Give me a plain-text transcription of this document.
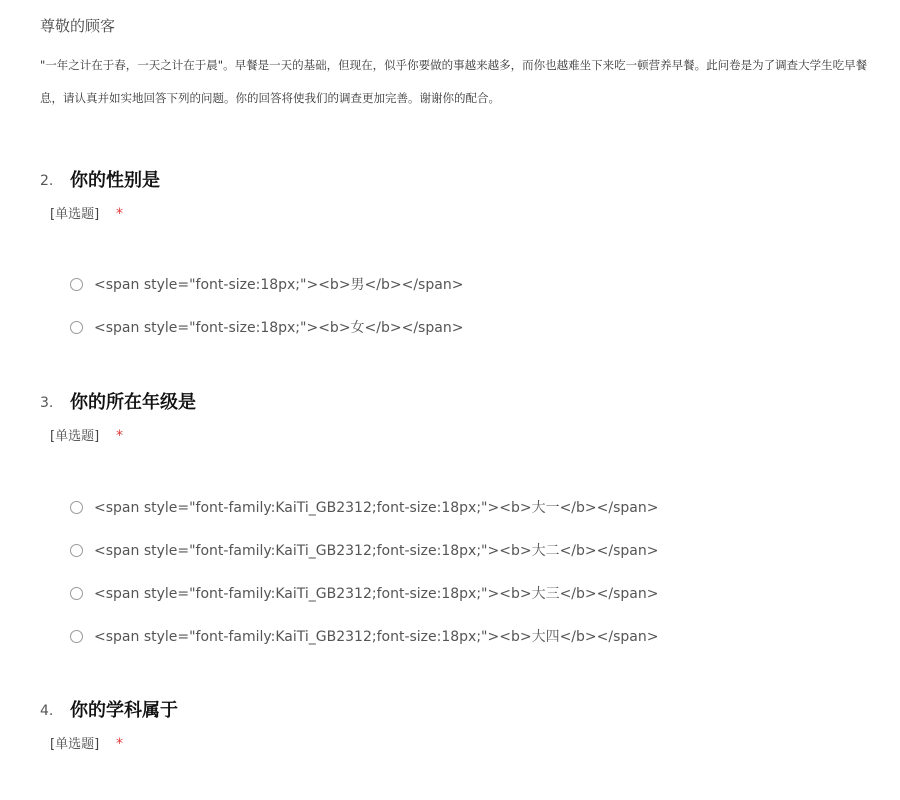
尊敬的顾客
"一年之计在于春，一天之计在于晨"。早餐是一天的基础，但现在，似乎你要做的事越来越多，而你也越难坐下来吃一顿营养早餐。此问卷是为了调查大学生吃早餐
息，请认真并如实地回答下列的问题。你的回答将使我们的调查更加完善。谢谢你的配合。
2. 你的性别是
[单选题] *
<span style="font-size:18px;"><b>男</b></span>
<span style="font-size:18px;"><b>女</b></span>
3. 你的所在年级是
[单选题] *
<span style="font-family:KaiTi_GB2312;font-size:18px;"><b>大一</b></span>
<span style="font-family:KaiTi_GB2312;font-size:18px;"><b>大二</b></span>
<span style="font-family:KaiTi_GB2312;font-size:18px;"><b>大三</b></span>
<span style="font-family:KaiTi_GB2312;font-size:18px;"><b>大四</b></span>
4. 你的学科属于
[单选题] *
